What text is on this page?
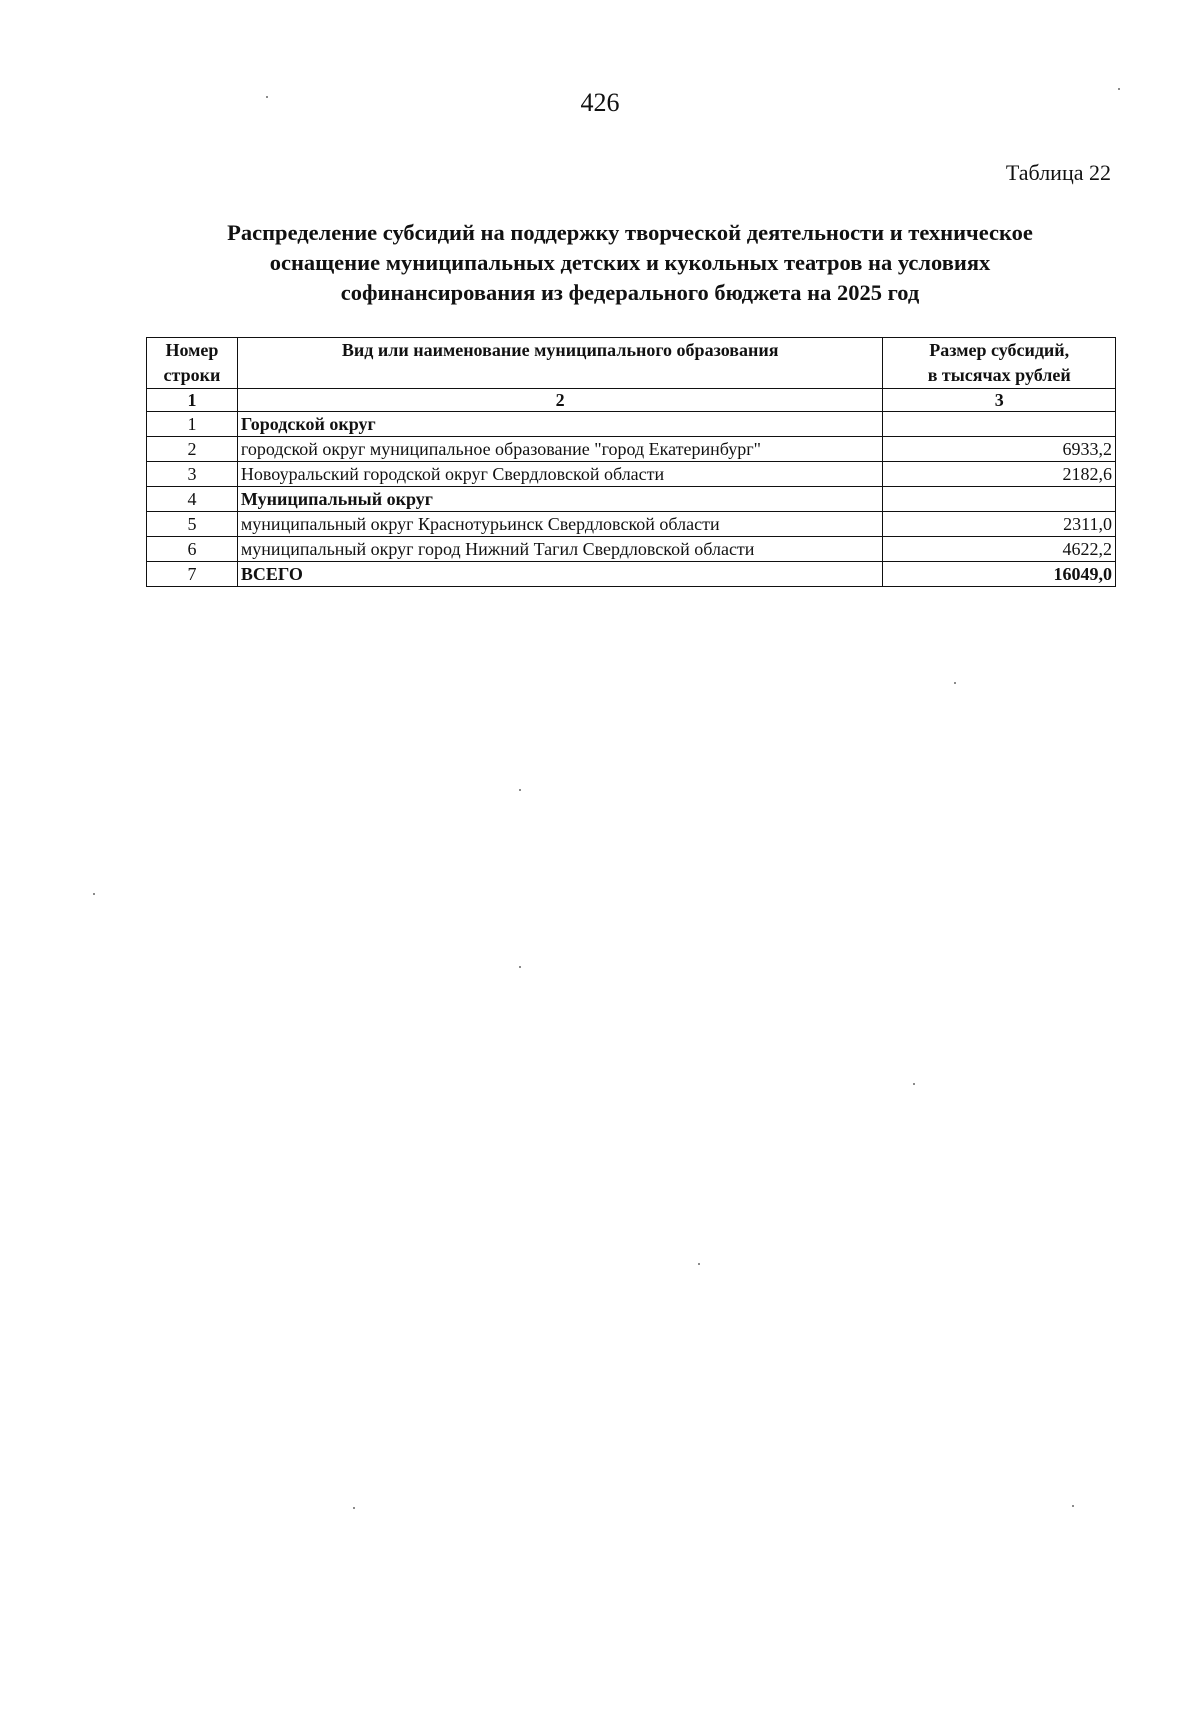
426
Таблица 22
Распределение субсидий на поддержку творческой деятельности и техническое
оснащение муниципальных детских и кукольных театров на условиях
софинансирования из федерального бюджета на 2025 год
Номер строки	Вид или наименование муниципального образования	Размер субсидий,
в тысячах рублей
1	2	3
1	Городской округ	
2	городской округ муниципальное образование "город Екатеринбург"	6933,2
3	Новоуральский городской округ Свердловской области	2182,6
4	Муниципальный округ	
5	муниципальный округ Краснотурьинск Свердловской области	2311,0
6	муниципальный округ город Нижний Тагил Свердловской области	4622,2
7	ВСЕГО	16049,0
